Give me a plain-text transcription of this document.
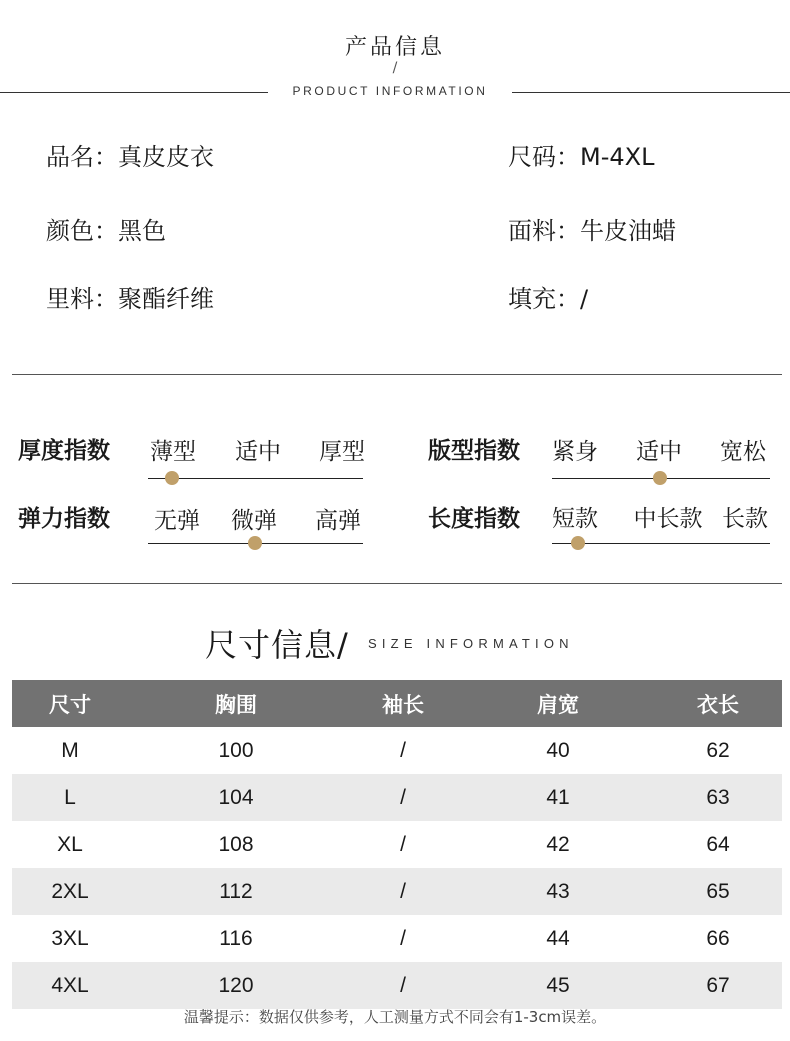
产品信息
/
PRODUCT INFORMATION
品名：真皮皮衣	尺码：M-4XL
颜色：黑色	面料：牛皮油蜡
里料：聚酯纤维	填充：/
厚度指数	薄型	适中	厚型	版型指数	紧身	适中	宽松
弹力指数	无弹	微弹	高弹	长度指数	短款	中长款 长款
尺寸信息/ SIZE INFORMATION
尺寸	胸围	袖长	肩宽	衣长
M	100	/	40	62
L	104	/	41	63
XL	108	/	42	64
2XL	112	/	43	65
3XL	116	/	44	66
4XL	120	/	45	67
温馨提示：数据仅供参考，人工测量方式不同会有1-3cm误差。
